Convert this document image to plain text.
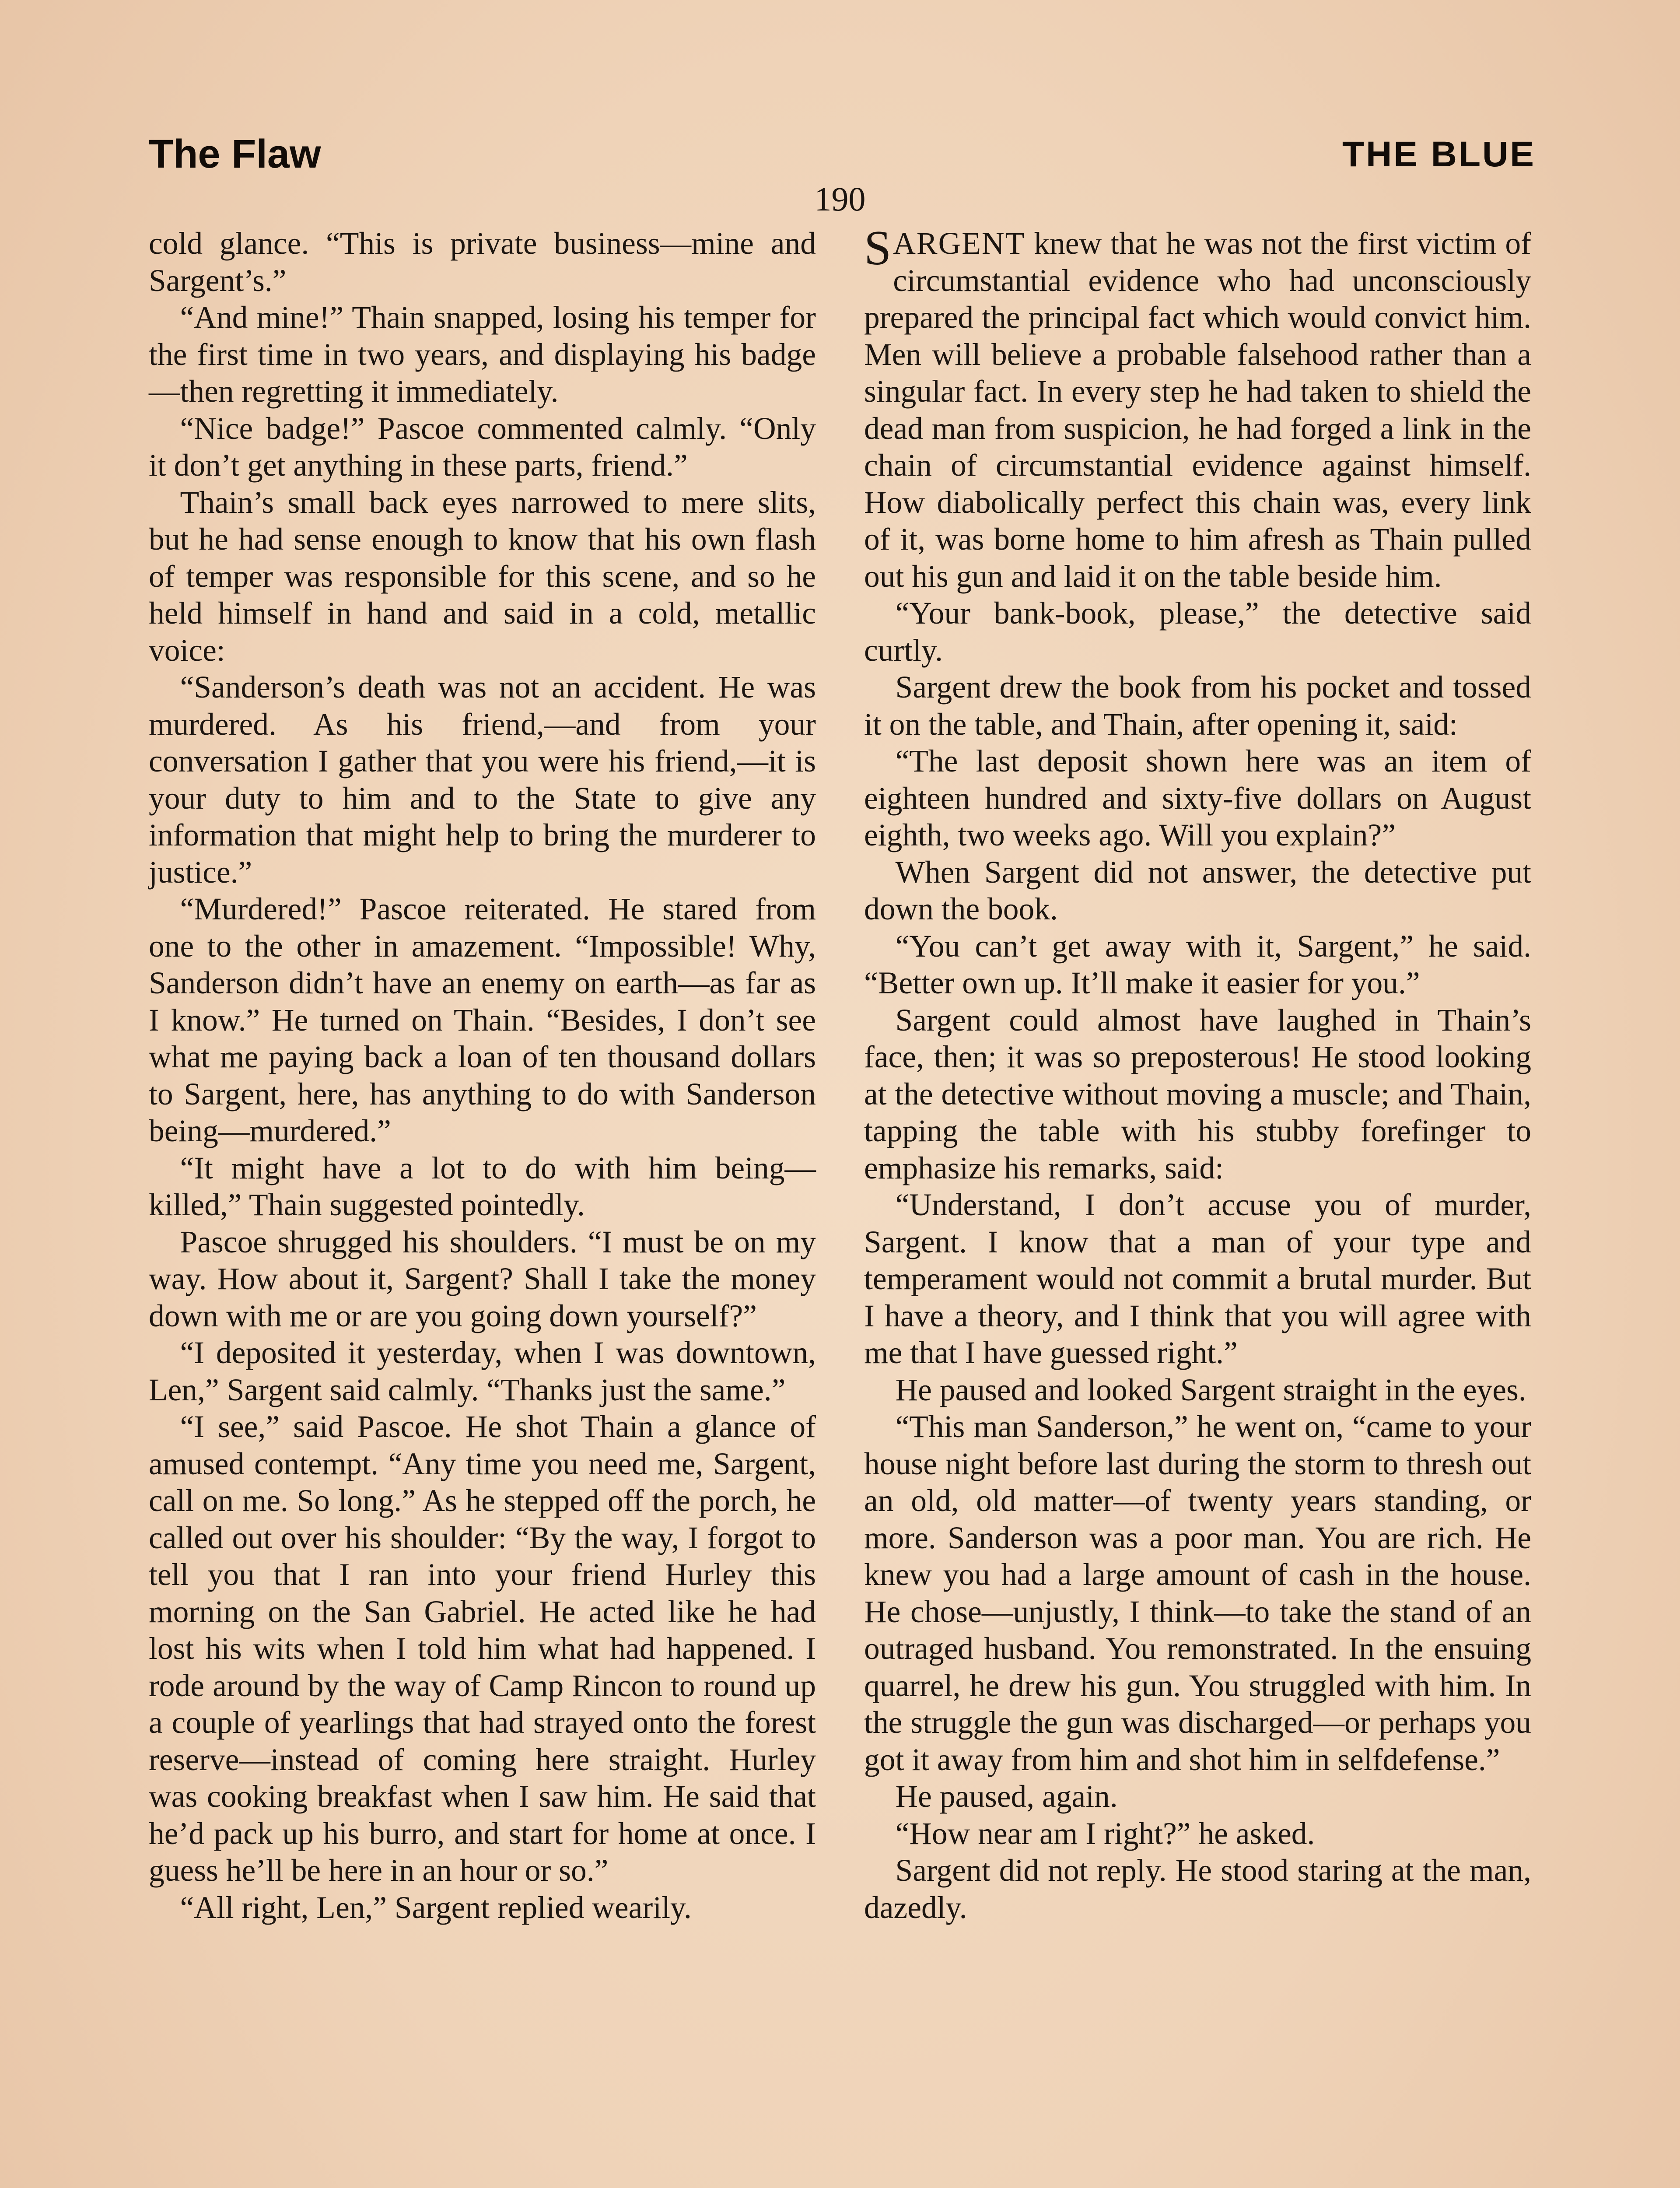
The Flaw	THE BLUE
190

cold glance. “This is private business—mine and Sargent’s.”

“And mine!” Thain snapped, losing his temper for the first time in two years, and displaying his badge—then regretting it immediately.

“Nice badge!” Pascoe commented calmly. “Only it don’t get anything in these parts, friend.”

Thain’s small back eyes narrowed to mere slits, but he had sense enough to know that his own flash of temper was responsible for this scene, and so he held himself in hand and said in a cold, metallic voice:

“Sanderson’s death was not an accident. He was murdered. As his friend,—and from your conversation I gather that you were his friend,—it is your duty to him and to the State to give any information that might help to bring the murderer to justice.”

“Murdered!” Pascoe reiterated. He stared from one to the other in amazement. “Impossible! Why, Sanderson didn’t have an enemy on earth—as far as I know.” He turned on Thain. “Besides, I don’t see what me paying back a loan of ten thousand dollars to Sargent, here, has anything to do with Sanderson being—murdered.”

“It might have a lot to do with him being—killed,” Thain suggested pointedly.

Pascoe shrugged his shoulders. “I must be on my way. How about it, Sargent? Shall I take the money down with me or are you going down yourself?”

“I deposited it yesterday, when I was downtown, Len,” Sargent said calmly. “Thanks just the same.”

“I see,” said Pascoe. He shot Thain a glance of amused contempt. “Any time you need me, Sargent, call on me. So long.” As he stepped off the porch, he called out over his shoulder: “By the way, I forgot to tell you that I ran into your friend Hurley this morning on the San Gabriel. He acted like he had lost his wits when I told him what had happened. I rode around by the way of Camp Rincon to round up a couple of yearlings that had strayed onto the forest reserve—instead of coming here straight. Hurley was cooking breakfast when I saw him. He said that he’d pack up his burro, and start for home at once. I guess he’ll be here in an hour or so.”

“All right, Len,” Sargent replied wearily.

SARGENT knew that he was not the first victim of circumstantial evidence who had unconsciously prepared the principal fact which would convict him. Men will believe a probable falsehood rather than a singular fact. In every step he had taken to shield the dead man from suspicion, he had forged a link in the chain of circumstantial evidence against himself. How diabolically perfect this chain was, every link of it, was borne home to him afresh as Thain pulled out his gun and laid it on the table beside him.

“Your bank-book, please,” the detective said curtly.

Sargent drew the book from his pocket and tossed it on the table, and Thain, after opening it, said:

“The last deposit shown here was an item of eighteen hundred and sixty-five dollars on August eighth, two weeks ago. Will you explain?”

When Sargent did not answer, the detective put down the book.

“You can’t get away with it, Sargent,” he said. “Better own up. It’ll make it easier for you.”

Sargent could almost have laughed in Thain’s face, then; it was so preposterous! He stood looking at the detective without moving a muscle; and Thain, tapping the table with his stubby forefinger to emphasize his remarks, said:

“Understand, I don’t accuse you of murder, Sargent. I know that a man of your type and temperament would not commit a brutal murder. But I have a theory, and I think that you will agree with me that I have guessed right.”

He paused and looked Sargent straight in the eyes.

“This man Sanderson,” he went on, “came to your house night before last during the storm to thresh out an old, old matter—of twenty years standing, or more. Sanderson was a poor man. You are rich. He knew you had a large amount of cash in the house. He chose—unjustly, I think—to take the stand of an outraged husband. You remonstrated. In the ensuing quarrel, he drew his gun. You struggled with him. In the struggle the gun was discharged—or perhaps you got it away from him and shot him in selfdefense.”

He paused, again.

“How near am I right?” he asked.

Sargent did not reply. He stood staring at the man, dazedly.
